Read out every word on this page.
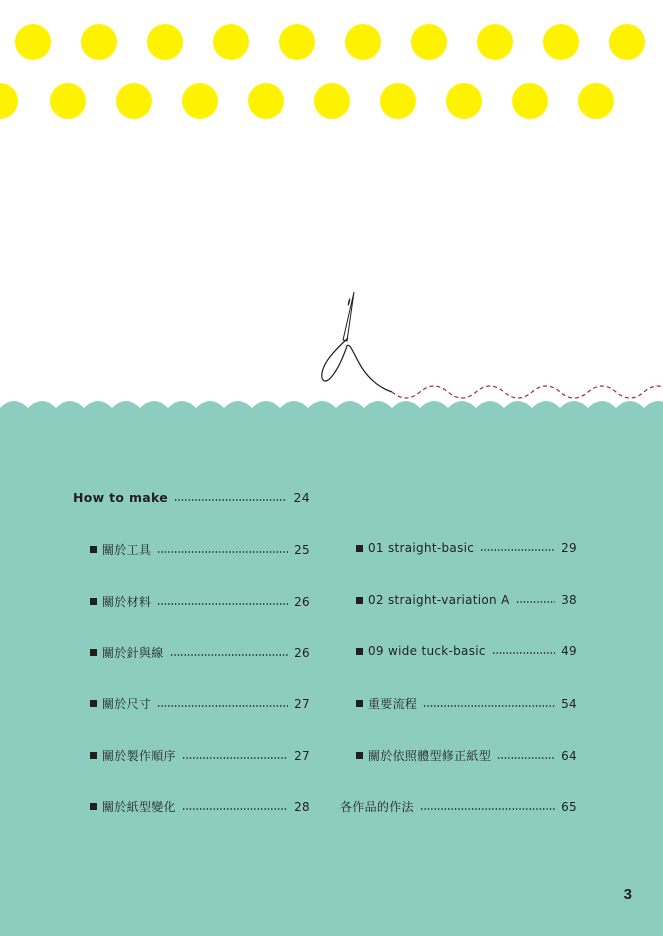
How to make	24
關於工具	25
關於材料	26
關於針與線	26
關於尺寸	27
關於製作順序	27
關於紙型變化	28
01 straight-basic	29
02 straight-variation A	38
09 wide tuck-basic	49
重要流程	54
關於依照體型修正紙型	64
各作品的作法	65
3
